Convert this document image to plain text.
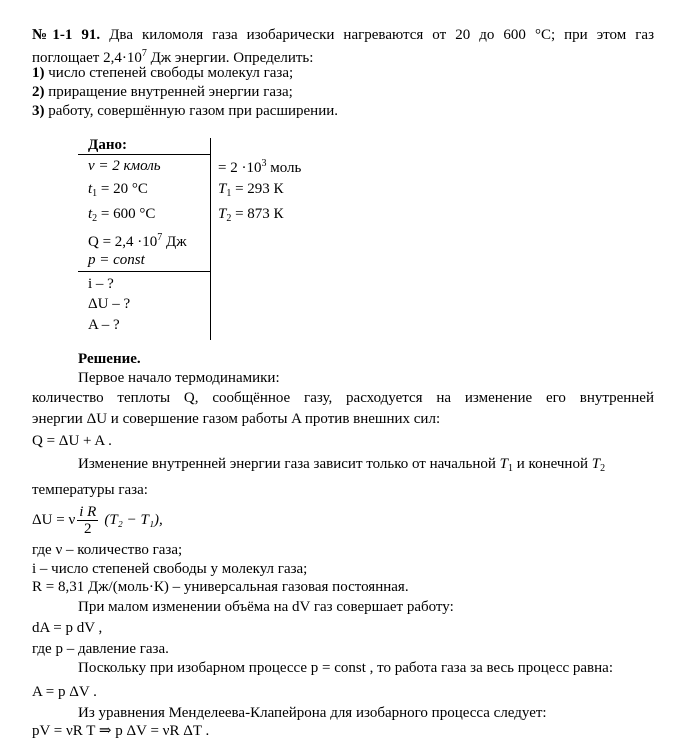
№1-1 91. Два киломоля газа изобарически нагреваются от 20 до 600 °С; при этом газ
поглощает $2,4\cdot 10^7$ Дж энергии. Определить:
1) число степеней свободы молекул газа;
2) приращение внутренней энергии газа;
3) работу, совершённую газом при расширении.
Дано:
ν = 2 кмоль	= $2 \cdot 10^3$ моль
$t_1 = 20$ °C	$T_1 = 293$ К
$t_2 = 600$ °C	$T_2 = 873$ К
$Q = 2,4 \cdot 10^7$ Дж
p = const
i – ?
ΔU – ?
A – ?
Решение.
Первое начало термодинамики:
количество теплоты Q, сообщённое газу, расходуется на изменение его внутренней
энергии ΔU и совершение газом работы A против внешних сил:
Q = ΔU + A .
Изменение внутренней энергии газа зависит только от начальной $T_1$ и конечной $T_2$
температуры газа:
ΔU = ν $\frac{\text{i R}}{2} (T_2 - T_1)$,
где ν – количество газа;
i – число степеней свободы у молекул газа;
R = 8,31 Дж/(моль·К) – универсальная газовая постоянная.
При малом изменении объёма на dV газ совершает работу:
dA = p dV ,
где p – давление газа.
Поскольку при изобарном процессе p = const , то работа газа за весь процесс равна:
A = p ΔV .
Из уравнения Менделеева-Клапейрона для изобарного процесса следует:
pV = νR T ⇒ p ΔV = νR ΔT .
